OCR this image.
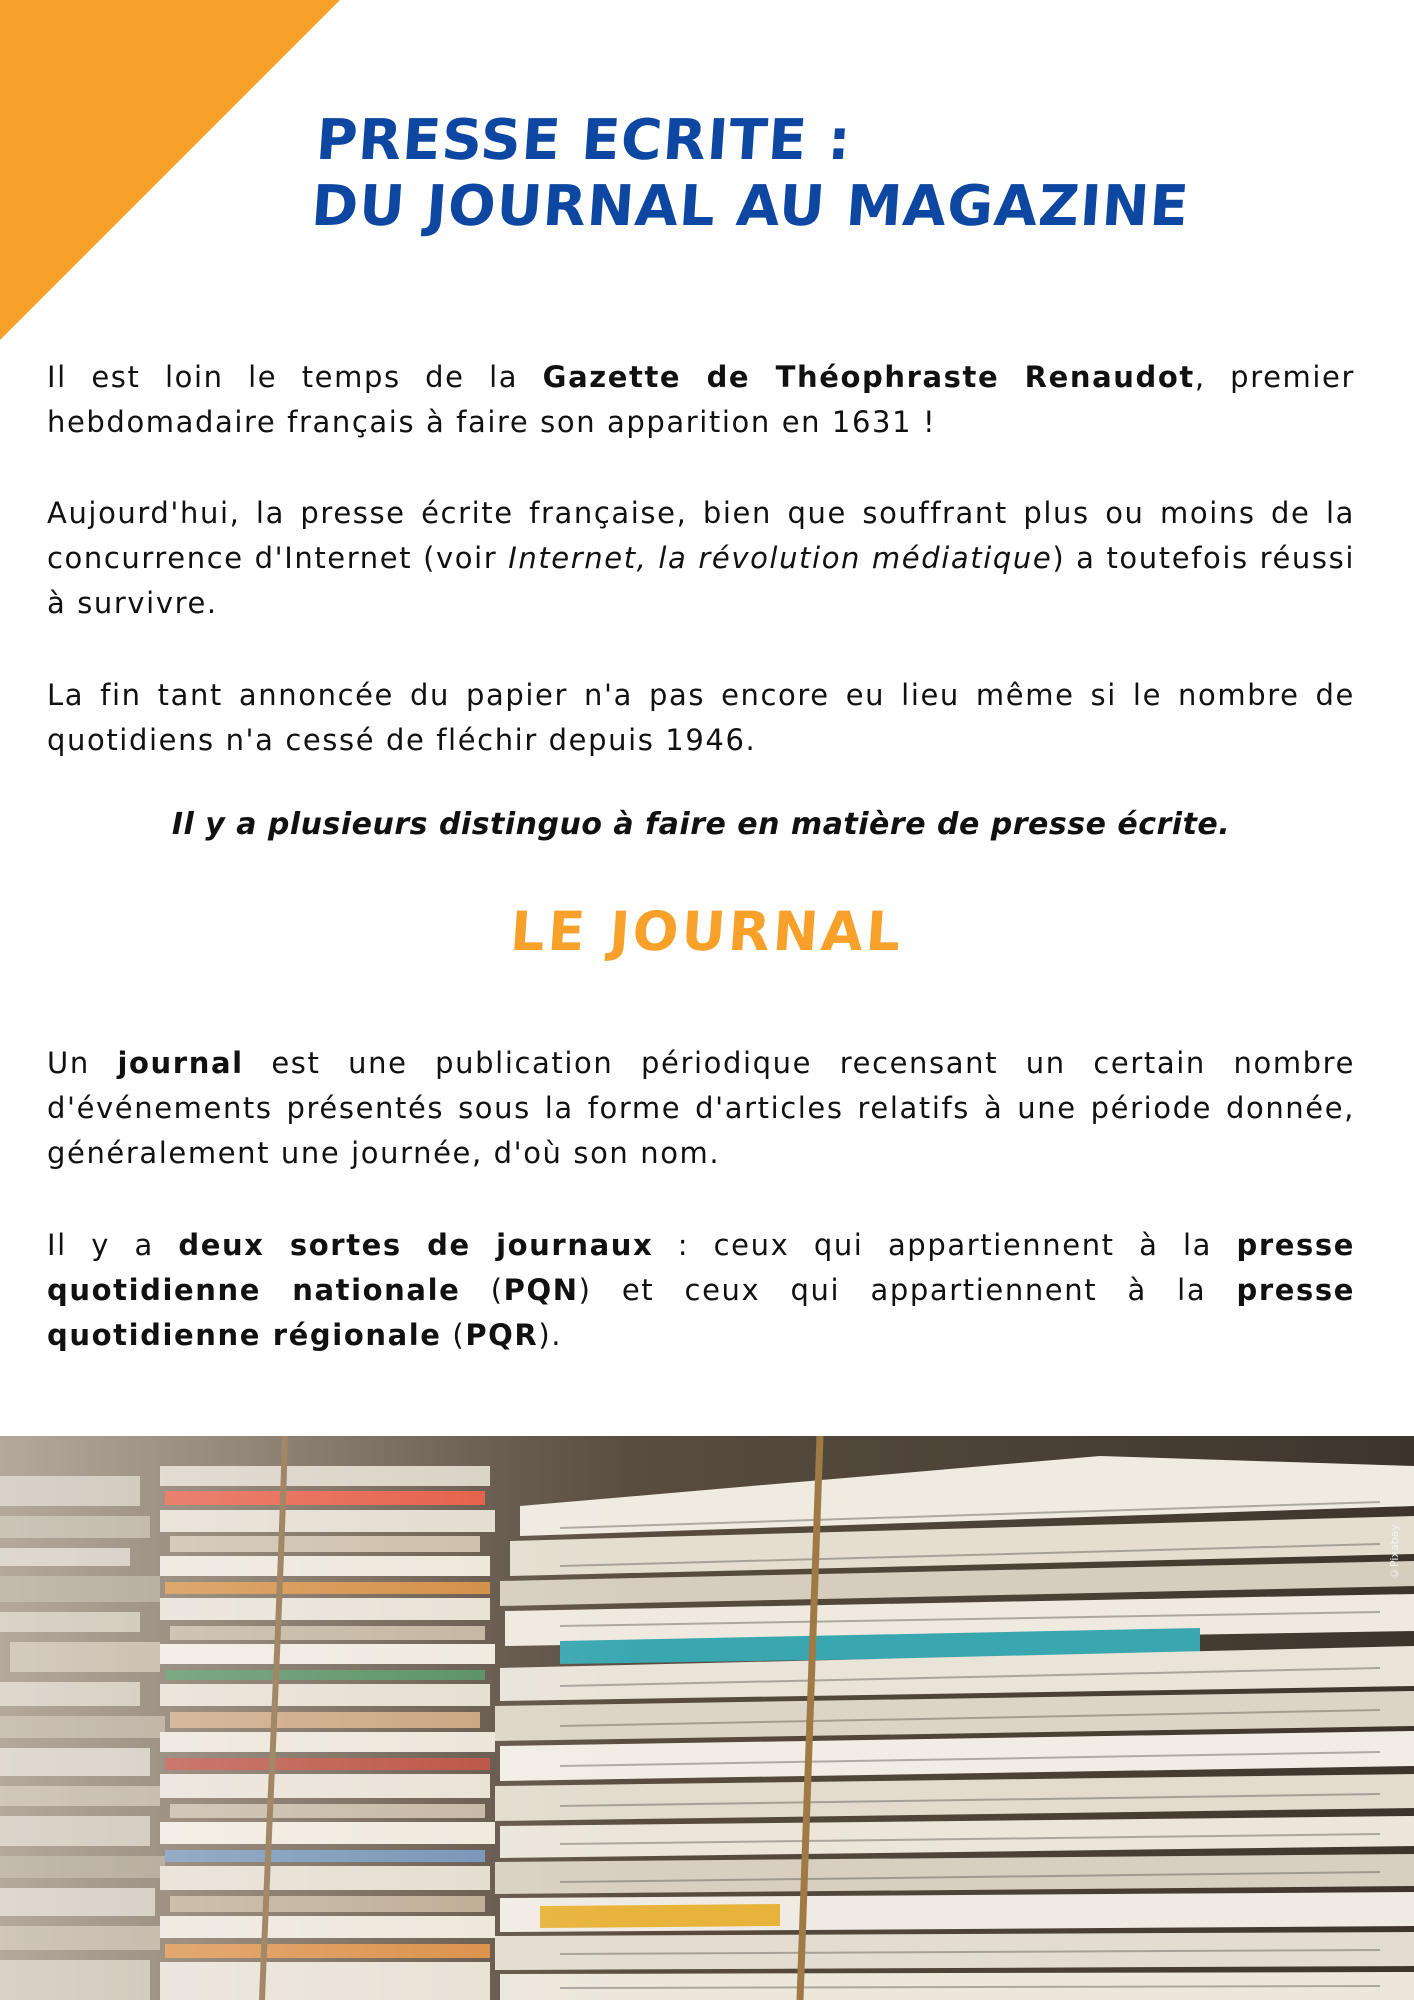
PRESSE ECRITE :
DU JOURNAL AU MAGAZINE

Il est loin le temps de la Gazette de Théophraste Renaudot, premier hebdomadaire français à faire son apparition en 1631 !

Aujourd'hui, la presse écrite française, bien que souffrant plus ou moins de la concurrence d'Internet (voir Internet, la révolution médiatique) a toutefois réussi à survivre.

La fin tant annoncée du papier n'a pas encore eu lieu même si le nombre de quotidiens n'a cessé de fléchir depuis 1946.

Il y a plusieurs distinguo à faire en matière de presse écrite.
LE JOURNAL

Un journal est une publication périodique recensant un certain nombre d'événements présentés sous la forme d'articles relatifs à une période donnée, généralement une journée, d'où son nom.

Il y a deux sortes de journaux : ceux qui appartiennent à la presse quotidienne nationale (PQN) et ceux qui appartiennent à la presse quotidienne régionale (PQR).

©Pixabay
